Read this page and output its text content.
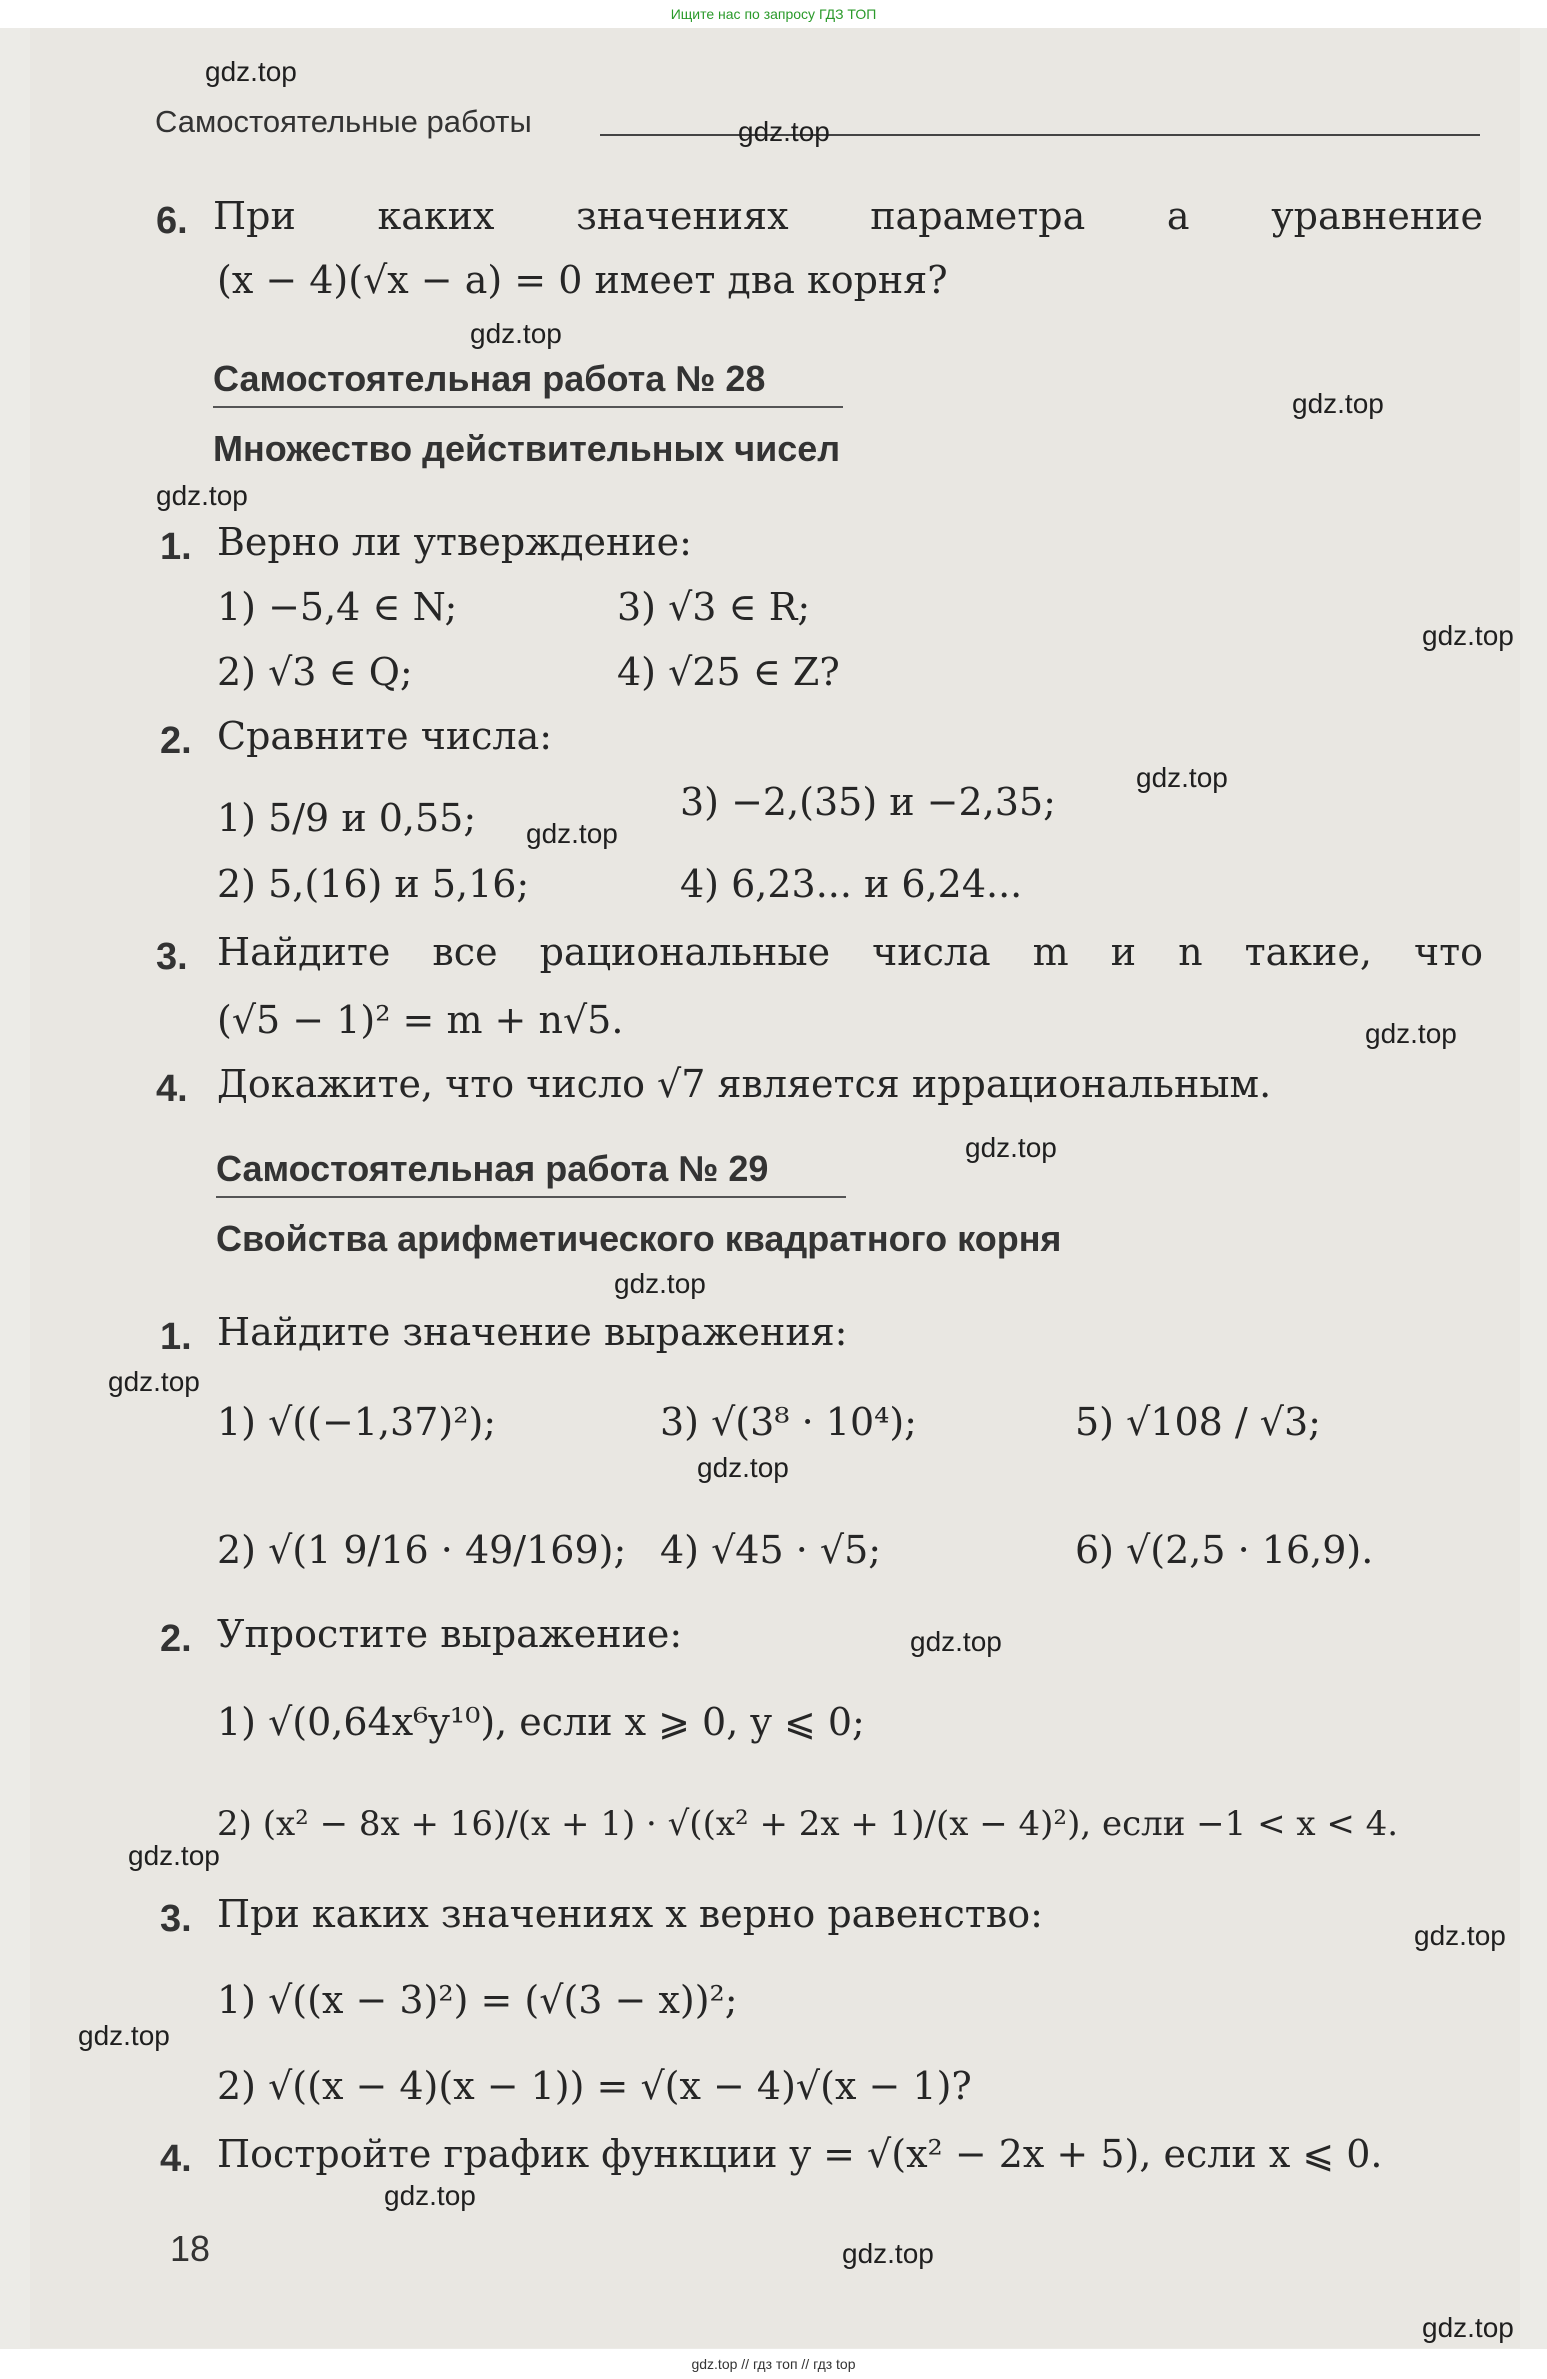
Ищите нас по запросу ГДЗ ТОП
Самостоятельные работы
6. При каких значениях параметра a уравнение
(x − 4)(√x − a) = 0 имеет два корня?
Самостоятельная работа № 28
Множество действительных чисел
1. Верно ли утверждение:
1) −5,4 ∈ N;	3) √3 ∈ R;
2) √3 ∈ Q;	4) √25 ∈ Z?
2. Сравните числа:
1) 5/9 и 0,55;	3) −2,(35) и −2,35;
2) 5,(16) и 5,16;	4) 6,23... и 6,24...
3. Найдите все рациональные числа m и n такие, что
(√5 − 1)² = m + n√5.
4. Докажите, что число √7 является иррациональным.
Самостоятельная работа № 29
Свойства арифметического квадратного корня
1. Найдите значение выражения:
1) √((−1,37)²);	3) √(3⁸ · 10⁴);	5) √108 / √3;
2) √(1 9/16 · 49/169); 4) √45 · √5;	6) √(2,5 · 16,9).
2. Упростите выражение:
1) √(0,64x⁶y¹⁰), если x ⩾ 0, y ⩽ 0;
2) (x² − 8x + 16)/(x + 1) · √((x² + 2x + 1)/(x − 4)²), если −1 < x < 4.
3. При каких значениях x верно равенство:
1) √((x − 3)²) = (√(3 − x))²;
2) √((x − 4)(x − 1)) = √(x − 4)√(x − 1)?
4. Постройте график функции y = √(x² − 2x + 5), если x ⩽ 0.
18
gdz.top
gdz.top
gdz.top
gdz.top
gdz.top
gdz.top
gdz.top
gdz.top
gdz.top
gdz.top
gdz.top
gdz.top
gdz.top
gdz.top
gdz.top
gdz.top
gdz.top
gdz.top
gdz.top
gdz.top
gdz.top // гдз топ // гдз top
